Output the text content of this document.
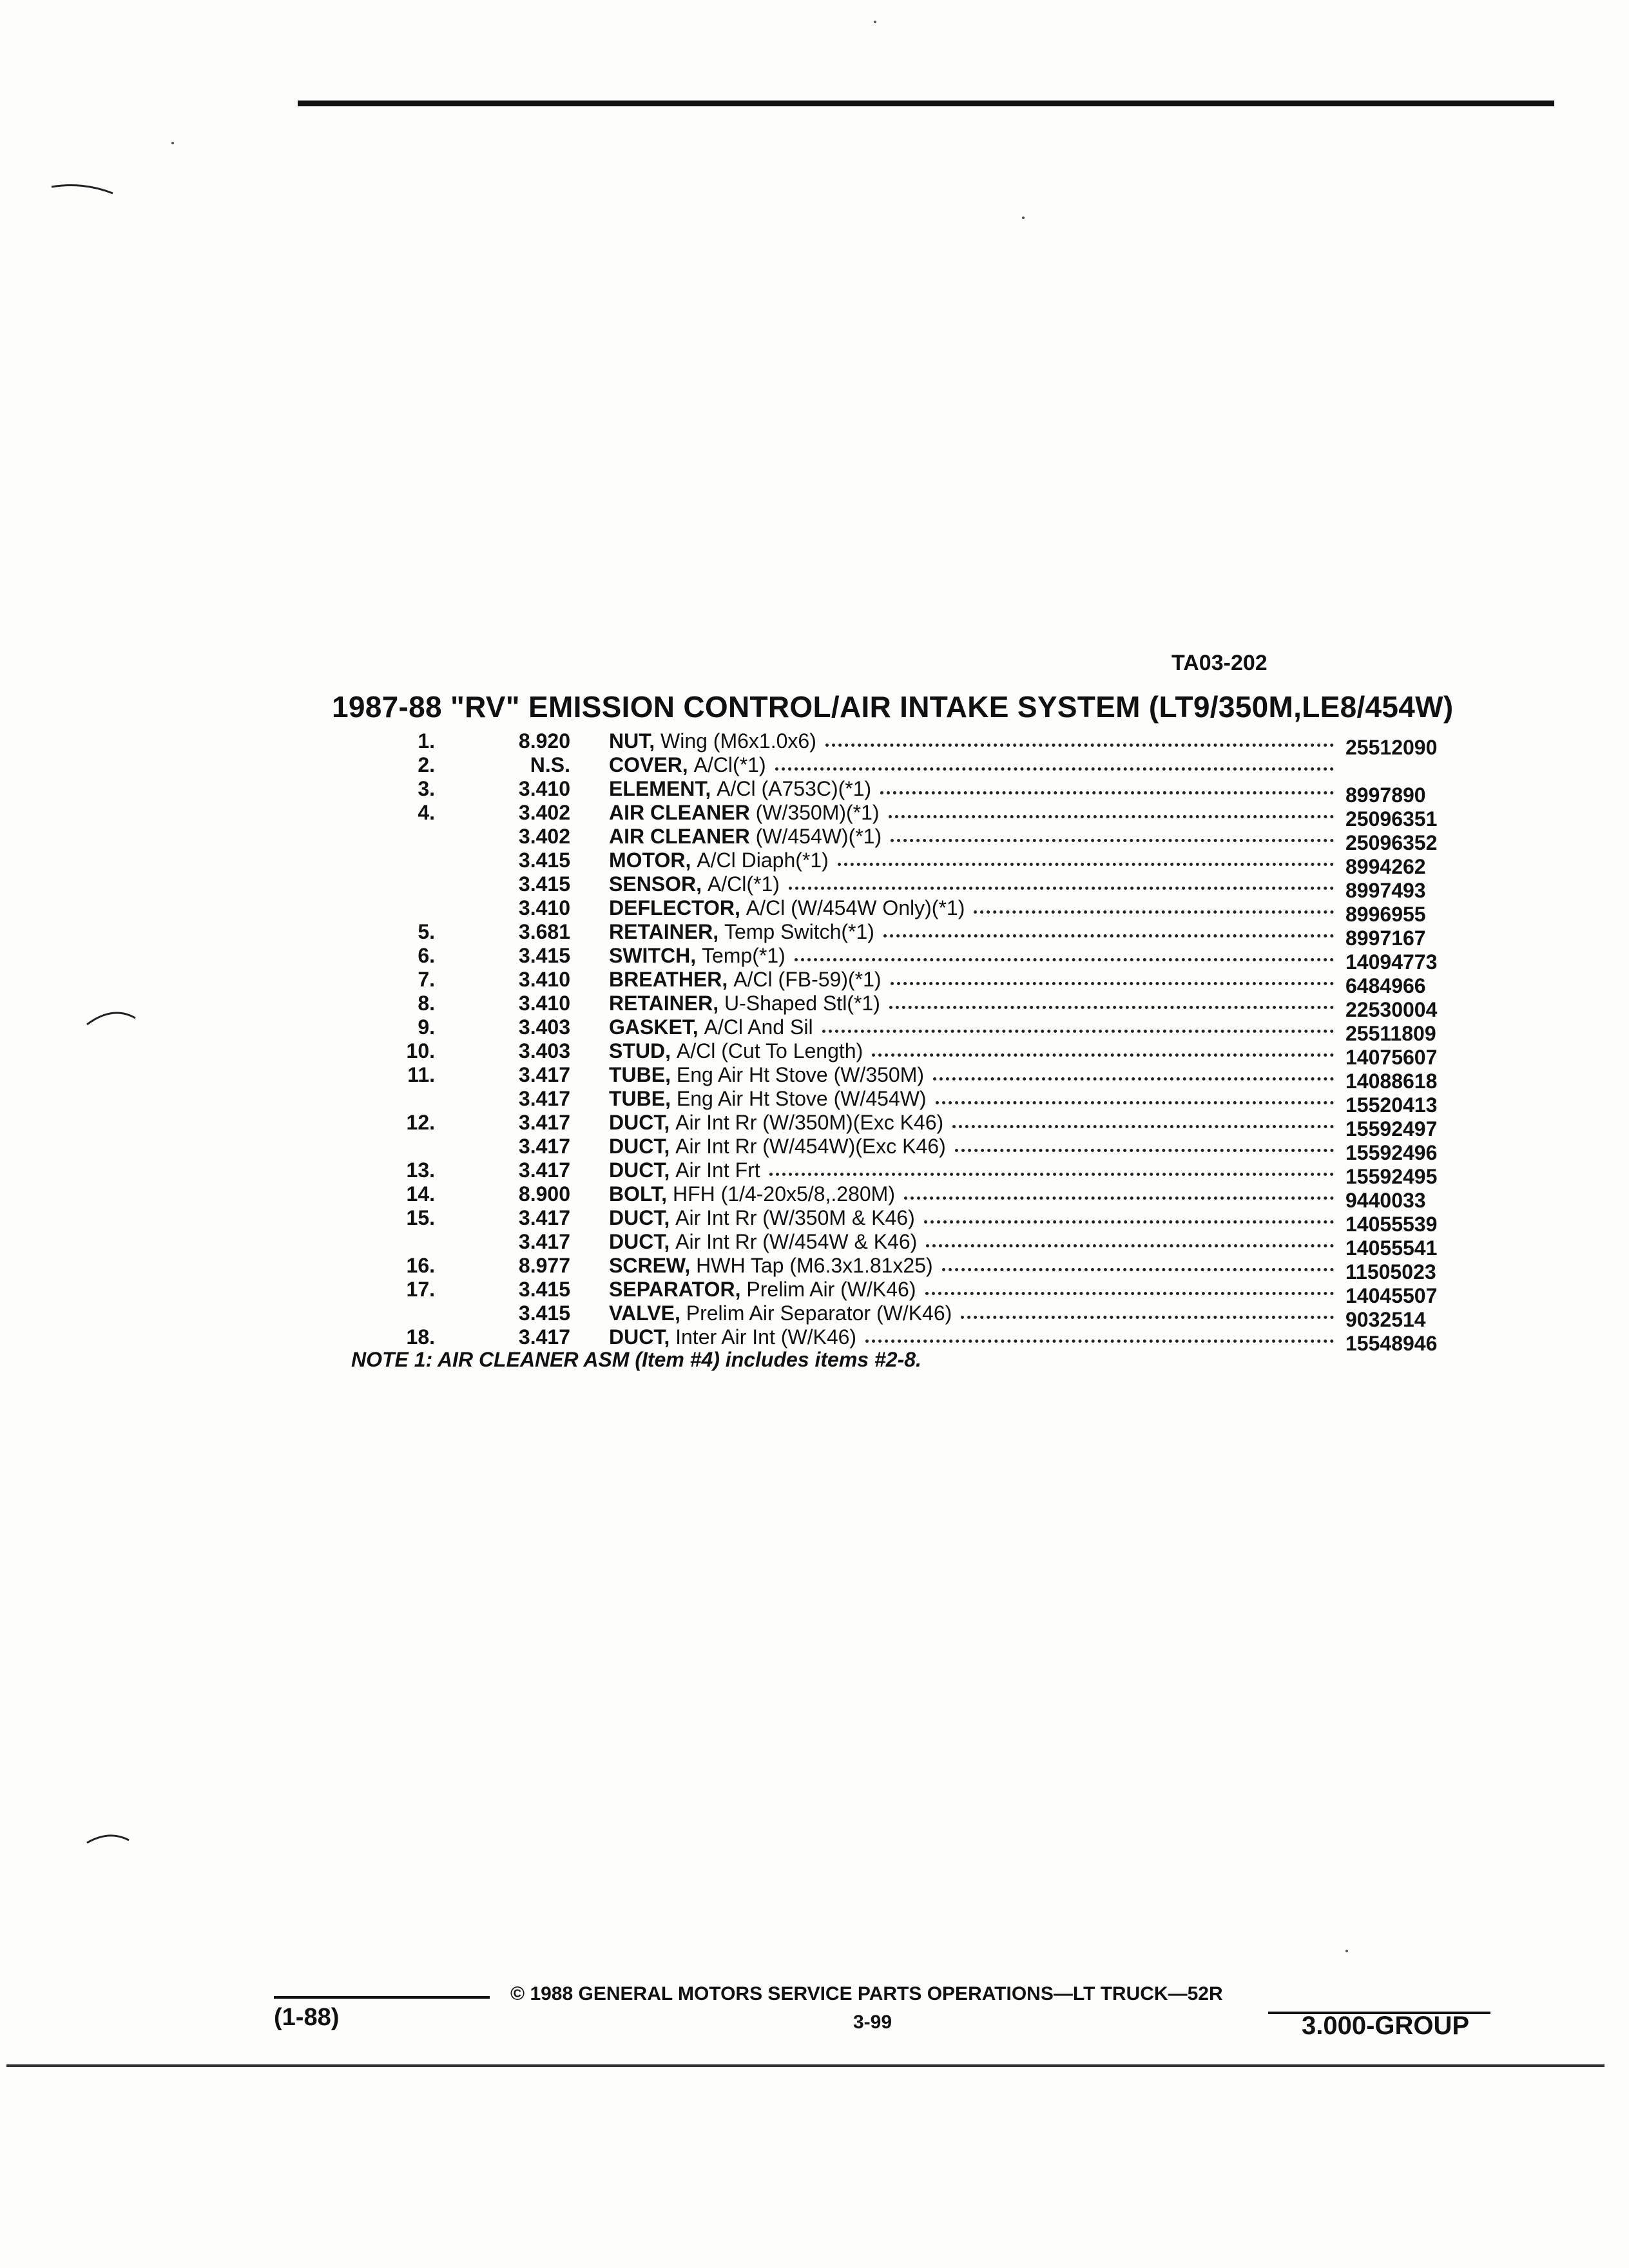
TA03-202
1987-88 "RV" EMISSION CONTROL/AIR INTAKE SYSTEM (LT9/350M,LE8/454W)
1.	8.920 NUT, Wing (M6x1.0x6)	25512090
2.	N.S. COVER, A/Cl(*1)
3.	3.410 ELEMENT, A/Cl (A753C)(*1)	8997890
4.	3.402 AIR CLEANER (W/350M)(*1)	25096351
3.402 AIR CLEANER (W/454W)(*1)	25096352
3.415 MOTOR, A/Cl Diaph(*1)	8994262
3.415 SENSOR, A/Cl(*1)	8997493
3.410 DEFLECTOR, A/Cl (W/454W Only)(*1)	8996955
5.	3.681 RETAINER, Temp Switch(*1)	8997167
6.	3.415 SWITCH, Temp(*1)	14094773
7.	3.410 BREATHER, A/Cl (FB-59)(*1)	6484966
8.	3.410 RETAINER, U-Shaped Stl(*1)	22530004
9.	3.403 GASKET, A/Cl And Sil	25511809
10.	3.403 STUD, A/Cl (Cut To Length)	14075607
11.	3.417 TUBE, Eng Air Ht Stove (W/350M)	14088618
3.417 TUBE, Eng Air Ht Stove (W/454W)	15520413
12.	3.417 DUCT, Air Int Rr (W/350M)(Exc K46)	15592497
3.417 DUCT, Air Int Rr (W/454W)(Exc K46)	15592496
13.	3.417 DUCT, Air Int Frt	15592495
14.	8.900 BOLT, HFH (1/4-20x5/8,.280M)	9440033
15.	3.417 DUCT, Air Int Rr (W/350M & K46)	14055539
3.417 DUCT, Air Int Rr (W/454W & K46)	14055541
16.	8.977 SCREW, HWH Tap (M6.3x1.81x25)	11505023
17.	3.415 SEPARATOR, Prelim Air (W/K46)	14045507
3.415 VALVE, Prelim Air Separator (W/K46)	9032514
18.	3.417 DUCT, Inter Air Int (W/K46)	15548946
NOTE 1: AIR CLEANER ASM (Item #4) includes items #2-8.
(1-88)
© 1988 GENERAL MOTORS SERVICE PARTS OPERATIONS—LT TRUCK—52R
3-99	3.000-GROUP
